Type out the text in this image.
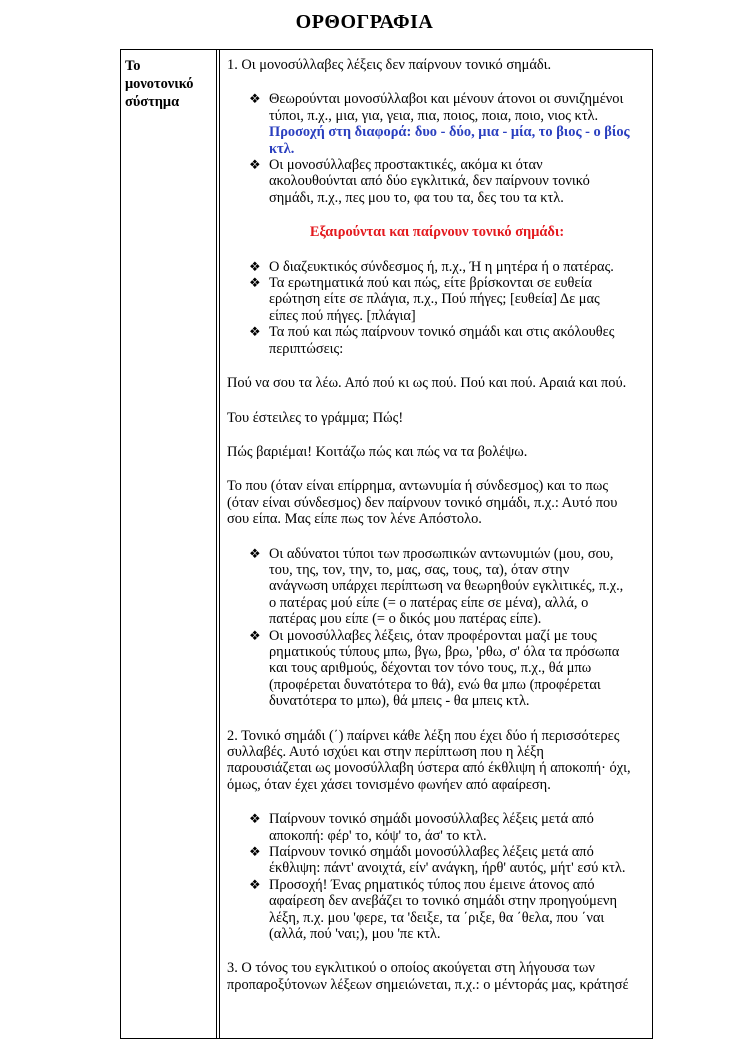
ΟΡΘΟΓΡΑΦΙΑ
Το
μονοτονικό
σύστημα

1. Οι μονοσύλλαβες λέξεις δεν παίρνουν τονικό σημάδι.

❖ Θεωρούνται μονοσύλλαβοι και μένουν άτονοι οι συνιζημένοι
τύποι, π.χ., μια, για, γεια, πια, ποιος, ποια, ποιο, νιος κτλ.
Προσοχή στη διαφορά: δυο - δύο, μια - μία, το βιος - ο βίος
κτλ.
❖ Οι μονοσύλλαβες προστακτικές, ακόμα κι όταν
ακολουθούνται από δύο εγκλιτικά, δεν παίρνουν τονικό
σημάδι, π.χ., πες μου το, φα του τα, δες του τα κτλ.

Εξαιρούνται και παίρνουν τονικό σημάδι:

❖ Ο διαζευκτικός σύνδεσμος ή, π.χ., Ή η μητέρα ή ο πατέρας.
❖ Τα ερωτηματικά πού και πώς, είτε βρίσκονται σε ευθεία
ερώτηση είτε σε πλάγια, π.χ., Πού πήγες; [ευθεία] Δε μας
είπες πού πήγες. [πλάγια]
❖ Τα πού και πώς παίρνουν τονικό σημάδι και στις ακόλουθες
περιπτώσεις:

Πού να σου τα λέω. Από πού κι ως πού. Πού και πού. Αραιά και πού.

Του έστειλες το γράμμα; Πώς!

Πώς βαριέμαι! Κοιτάζω πώς και πώς να τα βολέψω.

Το που (όταν είναι επίρρημα, αντωνυμία ή σύνδεσμος) και το πως
(όταν είναι σύνδεσμος) δεν παίρνουν τονικό σημάδι, π.χ.: Αυτό που
σου είπα. Μας είπε πως τον λένε Απόστολο.
❖ Οι αδύνατοι τύποι των προσωπικών αντωνυμιών (μου, σου,
του, της, τον, την, το, μας, σας, τους, τα), όταν στην
ανάγνωση υπάρχει περίπτωση να θεωρηθούν εγκλιτικές, π.χ.,
ο πατέρας μού είπε (= ο πατέρας είπε σε μένα), αλλά, ο
πατέρας μου είπε (= ο δικός μου πατέρας είπε).
❖ Οι μονοσύλλαβες λέξεις, όταν προφέρονται μαζί με τους
ρηματικούς τύπους μπω, βγω, βρω, 'ρθω, σ' όλα τα πρόσωπα
και τους αριθμούς, δέχονται τον τόνο τους, π.χ., θά μπω
(προφέρεται δυνατότερα το θά), ενώ θα μπω (προφέρεται
δυνατότερα το μπω), θά μπεις - θα μπεις κτλ.
2. Τονικό σημάδι (΄) παίρνει κάθε λέξη που έχει δύο ή περισσότερες
συλλαβές. Αυτό ισχύει και στην περίπτωση που η λέξη
παρουσιάζεται ως μονοσύλλαβη ύστερα από έκθλιψη ή αποκοπή· όχι,
όμως, όταν έχει χάσει τονισμένο φωνήεν από αφαίρεση.
❖ Παίρνουν τονικό σημάδι μονοσύλλαβες λέξεις μετά από
αποκοπή: φέρ' το, κόψ' το, άσ' το κτλ.
❖ Παίρνουν τονικό σημάδι μονοσύλλαβες λέξεις μετά από
έκθλιψη: πάντ' ανοιχτά, είν' ανάγκη, ήρθ' αυτός, μήτ' εσύ κτλ.
❖ Προσοχή! Ένας ρηματικός τύπος που έμεινε άτονος από
αφαίρεση δεν ανεβάζει το τονικό σημάδι στην προηγούμενη
λέξη, π.χ. μου 'φερε, τα 'δειξε, τα ΄ριξε, θα ΄θελα, που ΄ναι
(αλλά, πού 'ναι;), μου 'πε κτλ.
3. Ο τόνος του εγκλιτικού ο οποίος ακούγεται στη λήγουσα των
προπαροξύτονων λέξεων σημειώνεται, π.χ.: ο μέντοράς μας, κράτησέ
